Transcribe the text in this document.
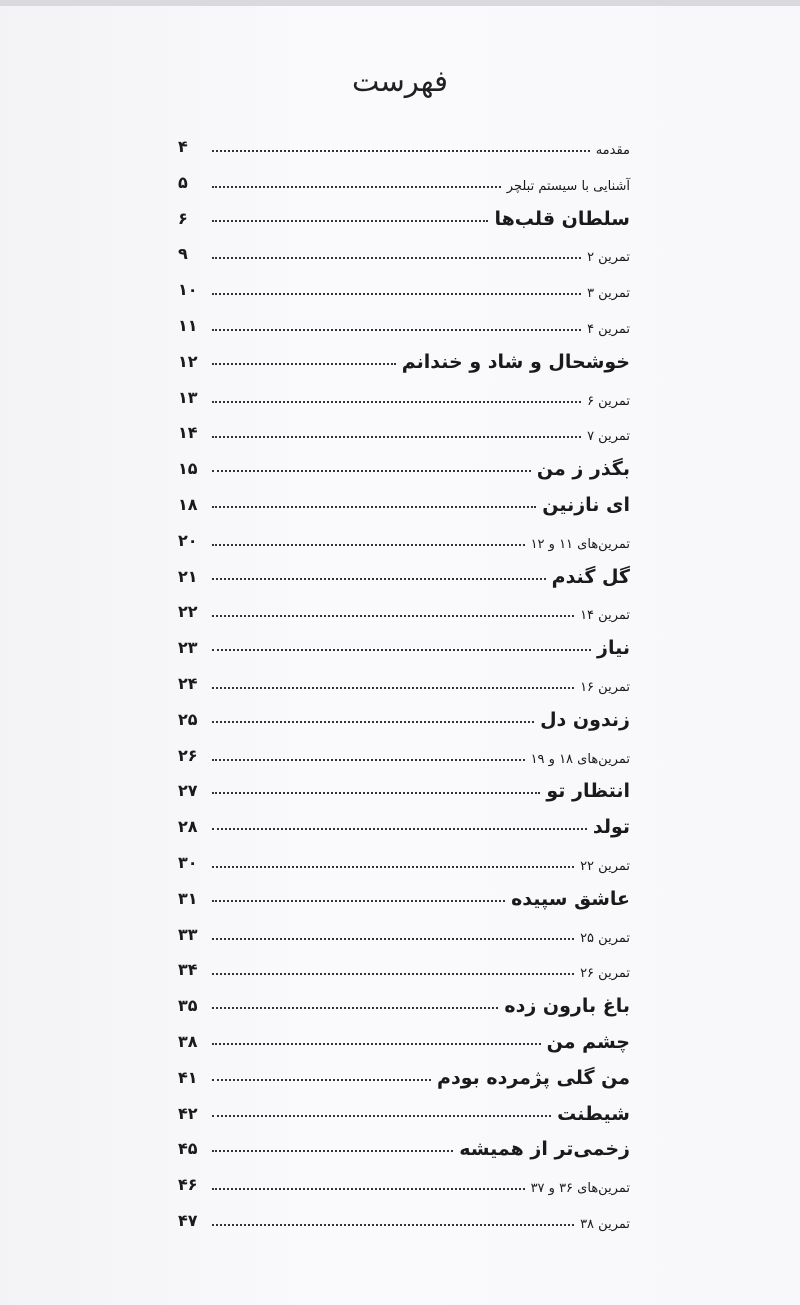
فهرست
مقدمه
۴
آشنایی با سیستم تبلچر
۵
سلطان قلب‌ها
۶
تمرین ۲
۹
تمرین ۳
۱۰
تمرین ۴
۱۱
خوشحال و شاد و خندانم
۱۲
تمرین ۶
۱۳
تمرین ۷
۱۴
بگذر ز من
۱۵
ای نازنین
۱۸
تمرین‌های ۱۱ و ۱۲
۲۰
گل گندم
۲۱
تمرین ۱۴
۲۲
نیاز
۲۳
تمرین ۱۶
۲۴
زندون دل
۲۵
تمرین‌های ۱۸ و ۱۹
۲۶
انتظار تو
۲۷
تولد
۲۸
تمرین ۲۲
۳۰
عاشق سپیده
۳۱
تمرین ۲۵
۳۳
تمرین ۲۶
۳۴
باغ بارون زده
۳۵
چشم من
۳۸
من گلی پژمرده بودم
۴۱
شیطنت
۴۲
زخمی‌تر از همیشه
۴۵
تمرین‌های ۳۶ و ۳۷
۴۶
تمرین ۳۸
۴۷
